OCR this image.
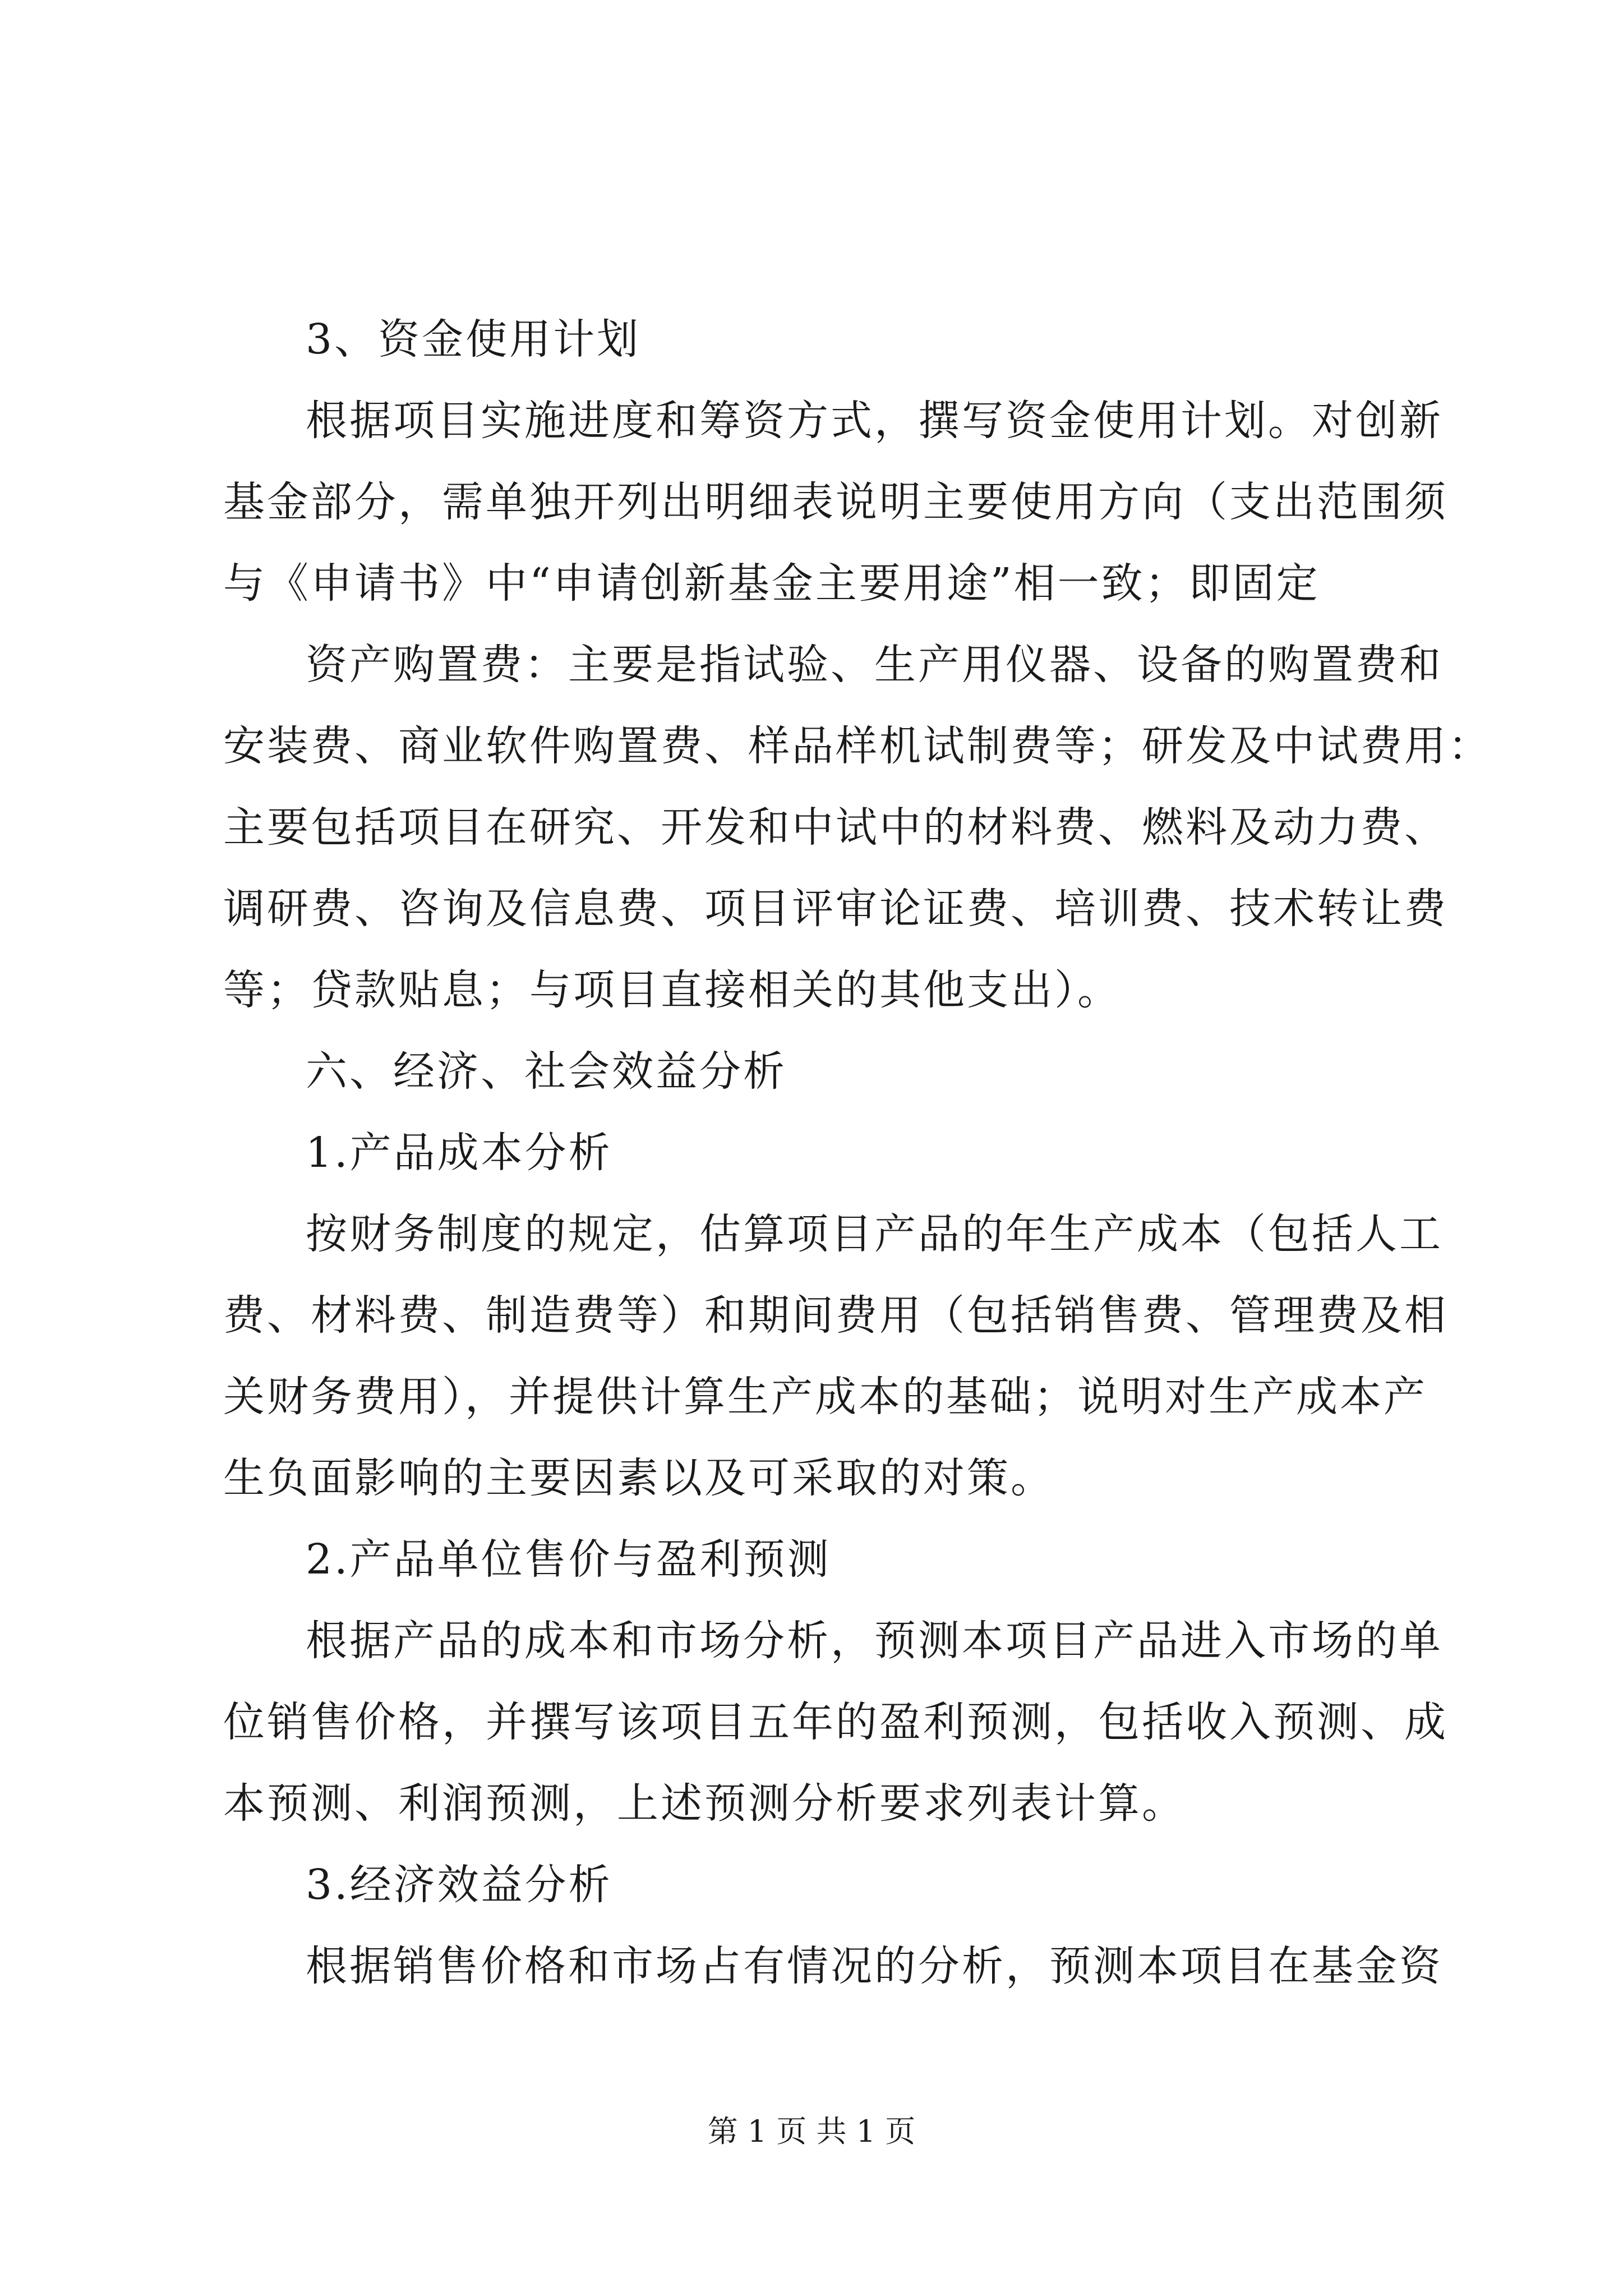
3、资金使用计划
根据项目实施进度和筹资方式，撰写资金使用计划。对创新
基金部分，需单独开列出明细表说明主要使用方向（支出范围须
与《申请书》中“申请创新基金主要用途”相一致；即固定
资产购置费：主要是指试验、生产用仪器、设备的购置费和
安装费、商业软件购置费、样品样机试制费等；研发及中试费用：
主要包括项目在研究、开发和中试中的材料费、燃料及动力费、
调研费、咨询及信息费、项目评审论证费、培训费、技术转让费
等；贷款贴息；与项目直接相关的其他支出）。
六、经济、社会效益分析
1.产品成本分析
按财务制度的规定，估算项目产品的年生产成本（包括人工
费、材料费、制造费等）和期间费用（包括销售费、管理费及相
关财务费用），并提供计算生产成本的基础；说明对生产成本产
生负面影响的主要因素以及可采取的对策。
2.产品单位售价与盈利预测
根据产品的成本和市场分析，预测本项目产品进入市场的单
位销售价格，并撰写该项目五年的盈利预测，包括收入预测、成
本预测、利润预测，上述预测分析要求列表计算。
3.经济效益分析
根据销售价格和市场占有情况的分析，预测本项目在基金资
第 1 页 共 1 页
